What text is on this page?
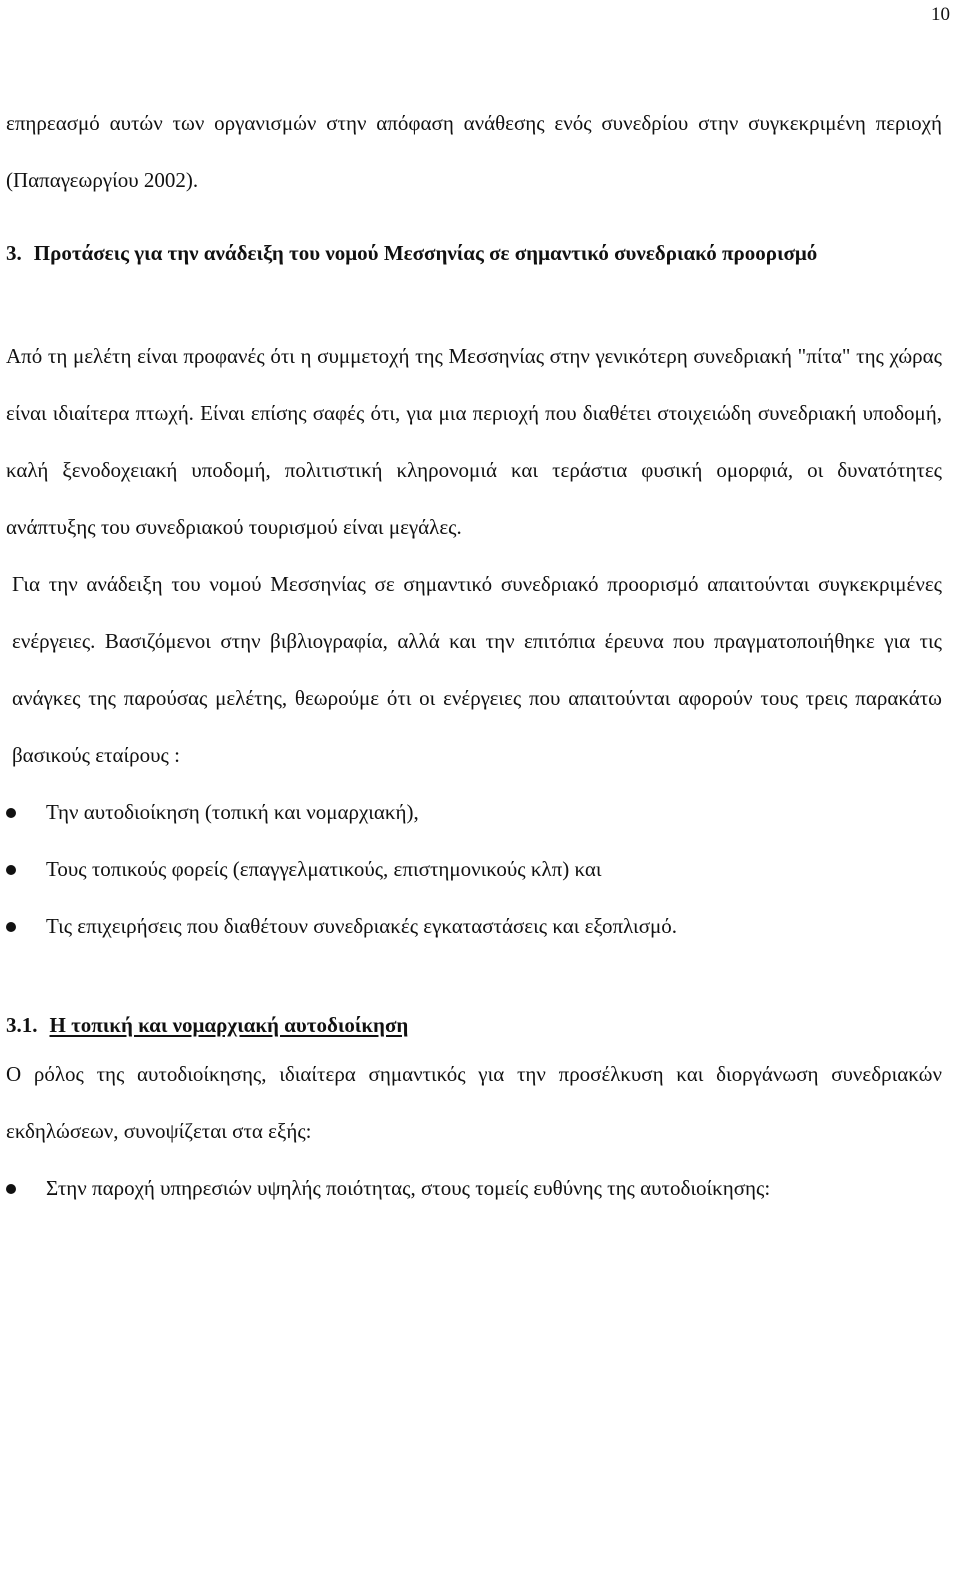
10

επηρεασμό αυτών των οργανισμών στην απόφαση ανάθεσης ενός συνεδρίου στην συγκεκριμένη περιοχή (Παπαγεωργίου 2002).

3. Προτάσεις για την ανάδειξη του νομού Μεσσηνίας σε σημαντικό συνεδριακό προορισμό

Από τη μελέτη είναι προφανές ότι η συμμετοχή της Μεσσηνίας στην γενικότερη συνεδριακή "πίτα" της χώρας είναι ιδιαίτερα πτωχή. Είναι επίσης σαφές ότι, για μια περιοχή που διαθέτει στοιχειώδη συνεδριακή υποδομή, καλή ξενοδοχειακή υποδομή, πολιτιστική κληρονομιά και τεράστια φυσική ομορφιά, οι δυνατότητες ανάπτυξης του συνεδριακού τουρισμού είναι μεγάλες.

Για την ανάδειξη του νομού Μεσσηνίας σε σημαντικό συνεδριακό προορισμό απαιτούνται συγκεκριμένες ενέργειες. Βασιζόμενοι στην βιβλιογραφία, αλλά και την επιτόπια έρευνα που πραγματοποιήθηκε για τις ανάγκες της παρούσας μελέτης, θεωρούμε ότι οι ενέργειες που απαιτούνται αφορούν τους τρεις παρακάτω βασικούς εταίρους :

Την αυτοδιοίκηση (τοπική και νομαρχιακή),
Τους τοπικούς φορείς (επαγγελματικούς, επιστημονικούς κλπ) και
Τις επιχειρήσεις που διαθέτουν συνεδριακές εγκαταστάσεις και εξοπλισμό.
3.1. Η τοπική και νομαρχιακή αυτοδιοίκηση

Ο ρόλος της αυτοδιοίκησης, ιδιαίτερα σημαντικός για την προσέλκυση και διοργάνωση συνεδριακών εκδηλώσεων, συνοψίζεται στα εξής:

Στην παροχή υπηρεσιών υψηλής ποιότητας, στους τομείς ευθύνης της αυτοδιοίκησης:
